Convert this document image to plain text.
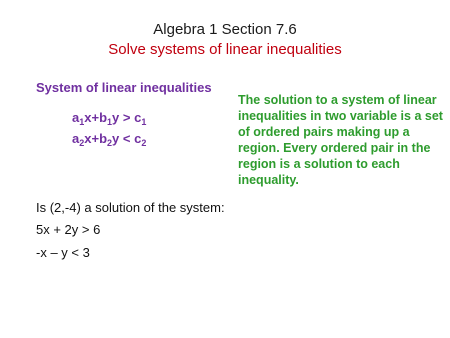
Algebra 1 Section 7.6
Solve systems of linear inequalities
System of linear inequalities
$a_1x+b_1y > c_1$
$a_2x+b_2y < c_2$
The solution to a system of linear inequalities in two variable is a set of ordered pairs making up a region. Every ordered pair in the region is a solution to each inequality.
Is (2,-4) a solution of the system:
5x + 2y > 6
-x – y < 3
